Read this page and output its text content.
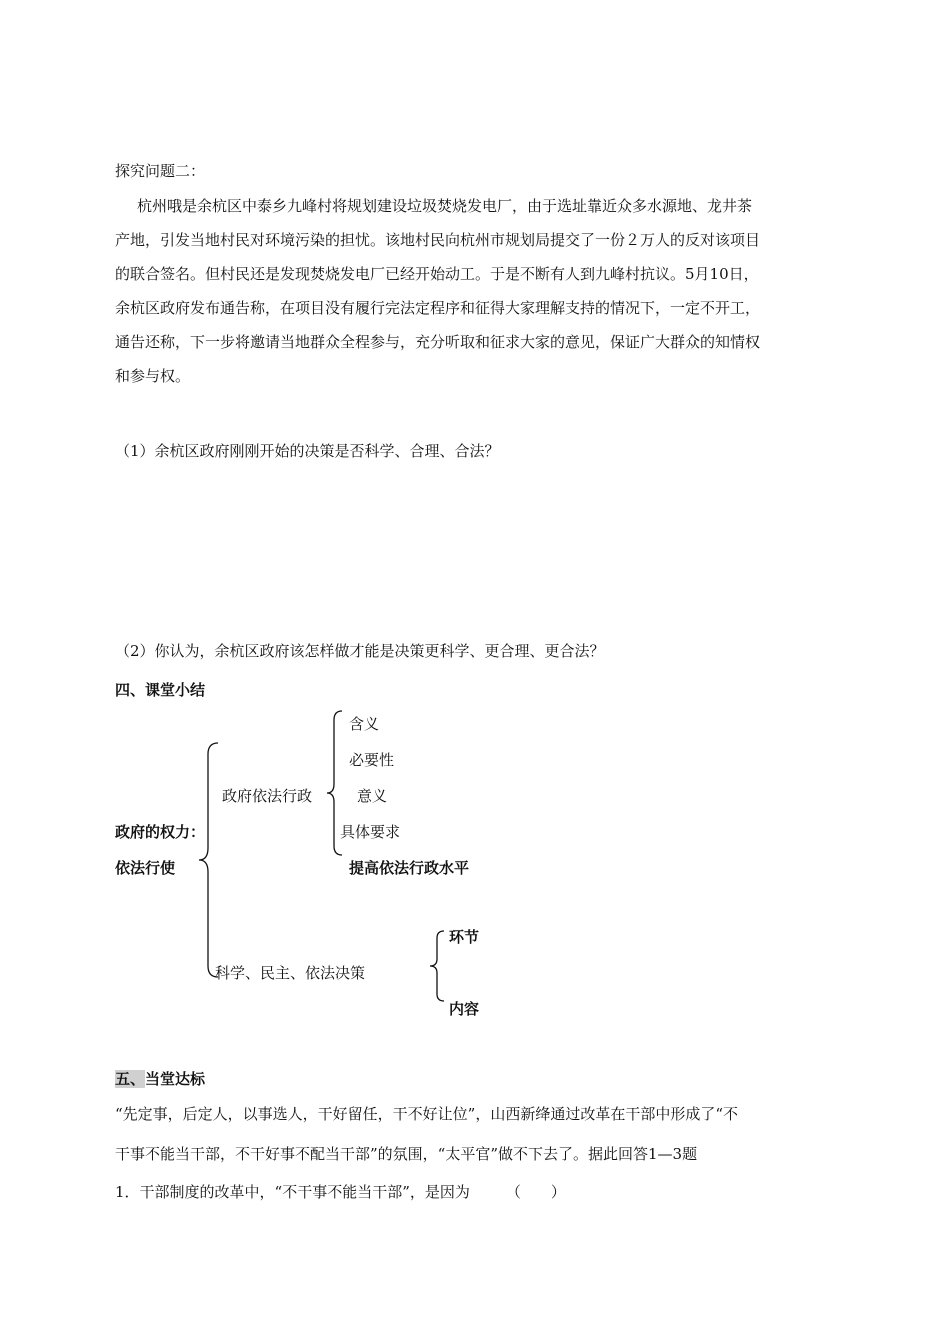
探究问题二：
杭州哦是余杭区中泰乡九峰村将规划建设垃圾焚烧发电厂，由于选址靠近众多水源地、龙井茶
产地，引发当地村民对环境污染的担忧。该地村民向杭州市规划局提交了一份２万人的反对该项目
的联合签名。但村民还是发现焚烧发电厂已经开始动工。于是不断有人到九峰村抗议。5月10日，
余杭区政府发布通告称，在项目没有履行完法定程序和征得大家理解支持的情况下，一定不开工，
通告还称，下一步将邀请当地群众全程参与，充分听取和征求大家的意见，保证广大群众的知情权
和参与权。
（1）余杭区政府刚刚开始的决策是否科学、合理、合法？
（2）你认为，余杭区政府该怎样做才能是决策更科学、更合理、更合法？
四、课堂小结
政府的权力：
依法行使
政府依法行政
含义
必要性
意义
具体要求
提高依法行政水平
科学、民主、依法决策
环节
内容
五、当堂达标
“先定事，后定人，以事选人，干好留任，干不好让位”，山西新绛通过改革在干部中形成了“不
干事不能当干部，不干好事不配当干部”的氛围，“太平官”做不下去了。据此回答1—3题
1．干部制度的改革中，“不干事不能当干部”，是因为 （　　）
